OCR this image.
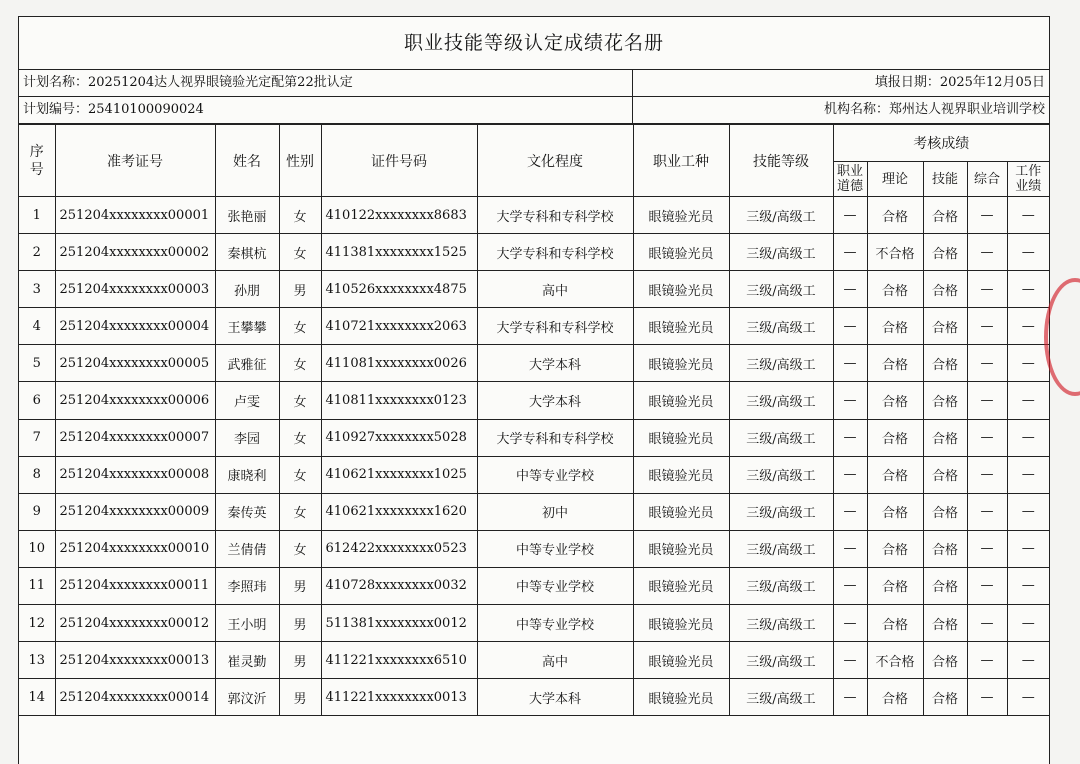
职业技能等级认定成绩花名册
计划名称：20251204达人视界眼镜验光定配第22批认定	填报日期：2025年12月05日
计划编号：25410100090024	机构名称：郑州达人视界职业培训学校
序号	准考证号	姓名	性别	证件号码	文化程度	职业工种	技能等级	考核成绩				
								职业道德	理论	技能	综合	工作业绩
1	251204xxxxxxxx00001	张艳丽	女	410122xxxxxxxx8683	大学专科和专科学校	眼镜验光员	三级/高级工	—	合格	合格	—	—
2	251204xxxxxxxx00002	秦棋杭	女	411381xxxxxxxx1525	大学专科和专科学校	眼镜验光员	三级/高级工	—	不合格	合格	—	—
3	251204xxxxxxxx00003	孙朋	男	410526xxxxxxxx4875	高中	眼镜验光员	三级/高级工	—	合格	合格	—	—
4	251204xxxxxxxx00004	王攀攀	女	410721xxxxxxxx2063	大学专科和专科学校	眼镜验光员	三级/高级工	—	合格	合格	—	—
5	251204xxxxxxxx00005	武雅征	女	411081xxxxxxxx0026	大学本科	眼镜验光员	三级/高级工	—	合格	合格	—	—
6	251204xxxxxxxx00006	卢雯	女	410811xxxxxxxx0123	大学本科	眼镜验光员	三级/高级工	—	合格	合格	—	—
7	251204xxxxxxxx00007	李园	女	410927xxxxxxxx5028	大学专科和专科学校	眼镜验光员	三级/高级工	—	合格	合格	—	—
8	251204xxxxxxxx00008	康晓利	女	410621xxxxxxxx1025	中等专业学校	眼镜验光员	三级/高级工	—	合格	合格	—	—
9	251204xxxxxxxx00009	秦传英	女	410621xxxxxxxx1620	初中	眼镜验光员	三级/高级工	—	合格	合格	—	—
10	251204xxxxxxxx00010	兰倩倩	女	612422xxxxxxxx0523	中等专业学校	眼镜验光员	三级/高级工	—	合格	合格	—	—
11	251204xxxxxxxx00011	李照玮	男	410728xxxxxxxx0032	中等专业学校	眼镜验光员	三级/高级工	—	合格	合格	—	—
12	251204xxxxxxxx00012	王小明	男	511381xxxxxxxx0012	中等专业学校	眼镜验光员	三级/高级工	—	合格	合格	—	—
13	251204xxxxxxxx00013	崔灵勤	男	411221xxxxxxxx6510	高中	眼镜验光员	三级/高级工	—	不合格	合格	—	—
14	251204xxxxxxxx00014	郭汶沂	男	411221xxxxxxxx0013	大学本科	眼镜验光员	三级/高级工	—	合格	合格	—	—
